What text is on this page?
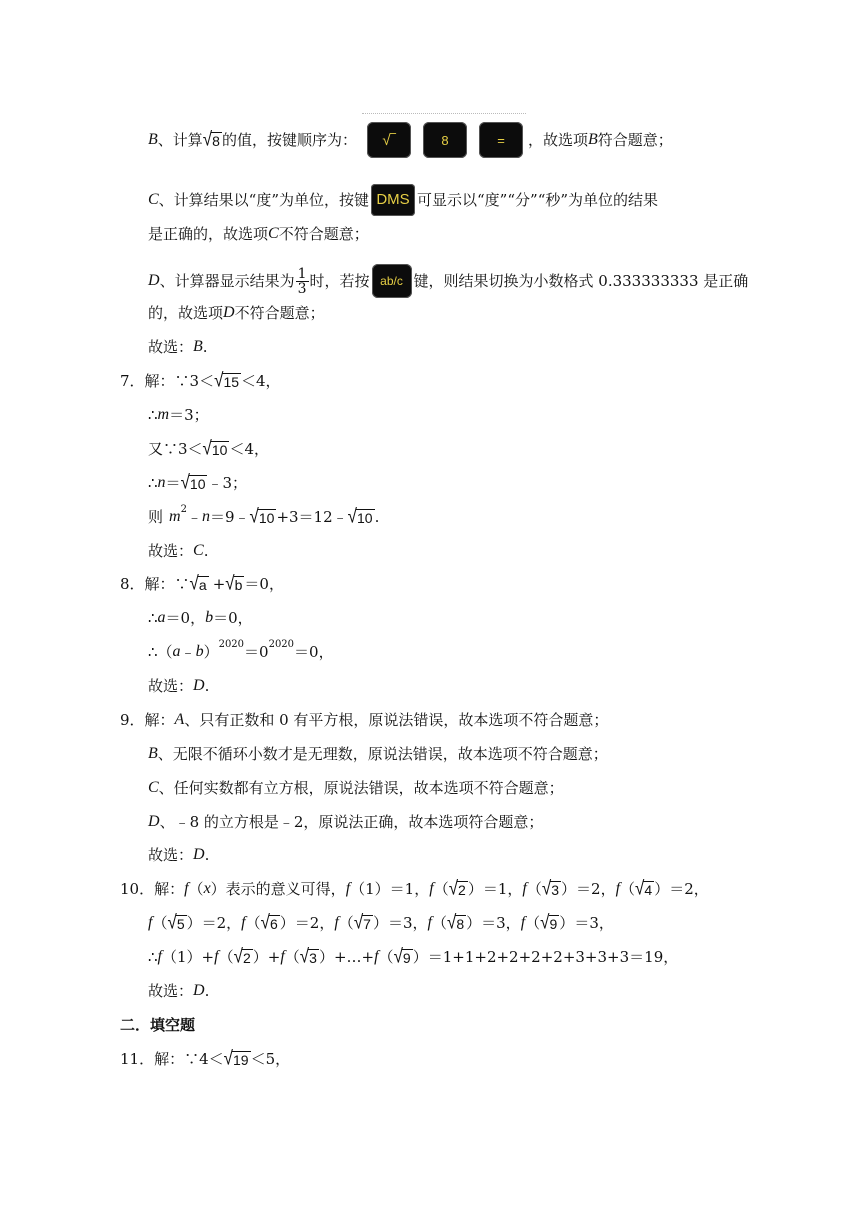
B 、计算 √ 8 的值，按键顺序为： √‾	8	= ，故选项 B 符合题意；
C 、计算结果以“度”为单位，按键 DMS 可显示以“度”“分”“秒”为单位的结果
是正确的，故选项 C 不符合题意；
D 、计算器显示结果为 $\frac{1}{3}$ 时，若按 ab/c 键，则结果切换为小数格式 0.333333333 是正确
的，故选项 D 不符合题意；
故选： B .
7．解：∵3＜ √ 15 ＜4，
∴ m ＝3；
又∵3＜ √ 10 ＜4，
∴ n ＝ √ 10 ﹣3；
则 m 2 ﹣ n ＝9﹣ √ 10 +3＝12﹣ √ 10 .
故选： C .
8．解：∵ √ a + √ b ＝0，
∴ a ＝0， b ＝0，
∴（ a ﹣ b ） 2020 ＝0 2020 ＝0，
故选： D .
9．解： A 、只有正数和 0 有平方根，原说法错误，故本选项不符合题意；
B 、无限不循环小数才是无理数，原说法错误，故本选项不符合题意；
C 、任何实数都有立方根，原说法错误，故本选项不符合题意；
D 、﹣8 的立方根是﹣2，原说法正确，故本选项符合题意；
故选： D .
10．解： f （ x ）表示的意义可得， f （1）＝1， f （ √ 2 ） ＝1， f （ √ 3 ） ＝2， f （ √ 4 ） ＝2，
f （ √ 5 ） ＝2， f （ √ 6 ） ＝2， f （ √ 7 ） ＝3， f （ √ 8 ） ＝3， f （ √ 9 ） ＝3，
∴ f （1）+ f （ √ 2 ） + f （ √ 3 ） +…+ f （ √ 9 ） ＝1+1+2+2+2+2+3+3+3＝19，
故选： D .
二．填空题
11．解：∵4＜ √ 19 ＜5，
